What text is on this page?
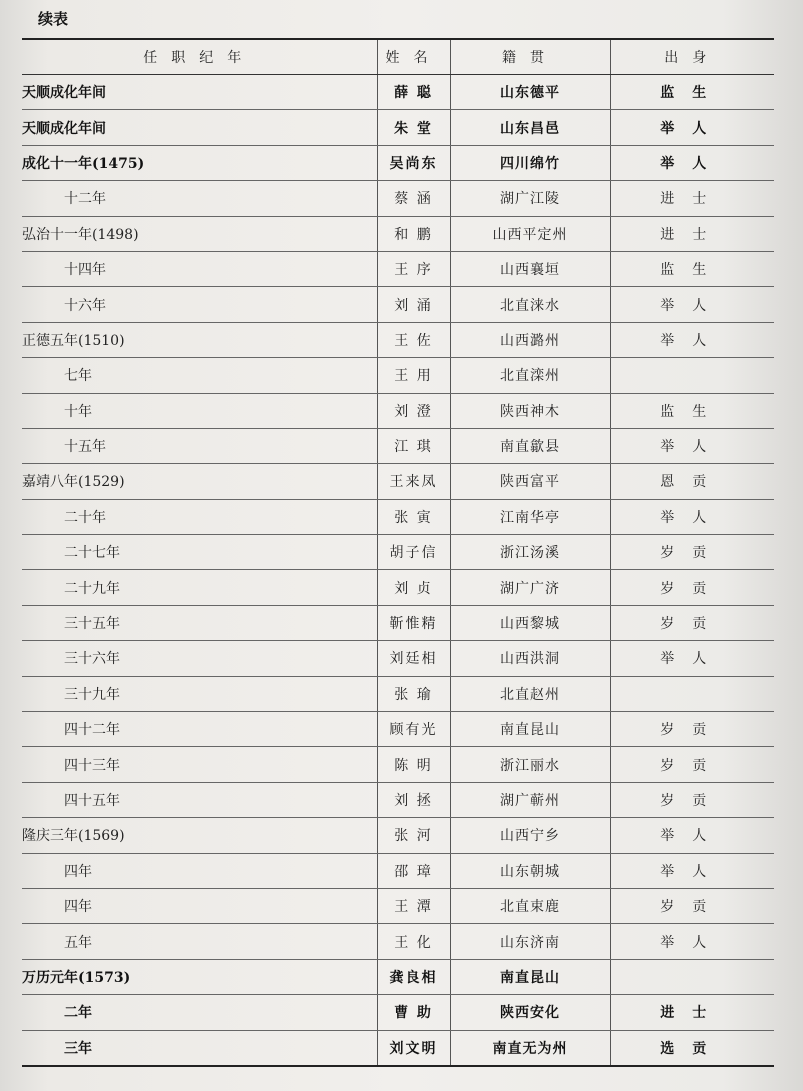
续表
任职纪年	姓名	籍贯	出身
天顺成化年间	薛 聪	山东德平	监生
天顺成化年间	朱 堂	山东昌邑	举人
成化十一年(1475)	吴尚东	四川绵竹	举人
十二年	蔡 涵	湖广江陵	进士
弘治十一年(1498)	和 鹏	山西平定州	进士
十四年	王 序	山西襄垣	监生
十六年	刘 涌	北直涞水	举人
正德五年(1510)	王 佐	山西潞州	举人
七年	王 用	北直滦州	
十年	刘 澄	陕西神木	监生
十五年	江 琪	南直歙县	举人
嘉靖八年(1529)	王来凤	陕西富平	恩贡
二十年	张 寅	江南华亭	举人
二十七年	胡子信	浙江汤溪	岁贡
二十九年	刘 贞	湖广广济	岁贡
三十五年	靳惟精	山西黎城	岁贡
三十六年	刘廷相	山西洪洞	举人
三十九年	张 瑜	北直赵州	
四十二年	顾有光	南直昆山	岁贡
四十三年	陈 明	浙江丽水	岁贡
四十五年	刘 拯	湖广蕲州	岁贡
隆庆三年(1569)	张 河	山西宁乡	举人
四年	邵 璋	山东朝城	举人
四年	王 潭	北直束鹿	岁贡
五年	王 化	山东济南	举人
万历元年(1573)	龚良相	南直昆山	
二年	曹 助	陕西安化	进士
三年	刘文明	南直无为州	选贡
